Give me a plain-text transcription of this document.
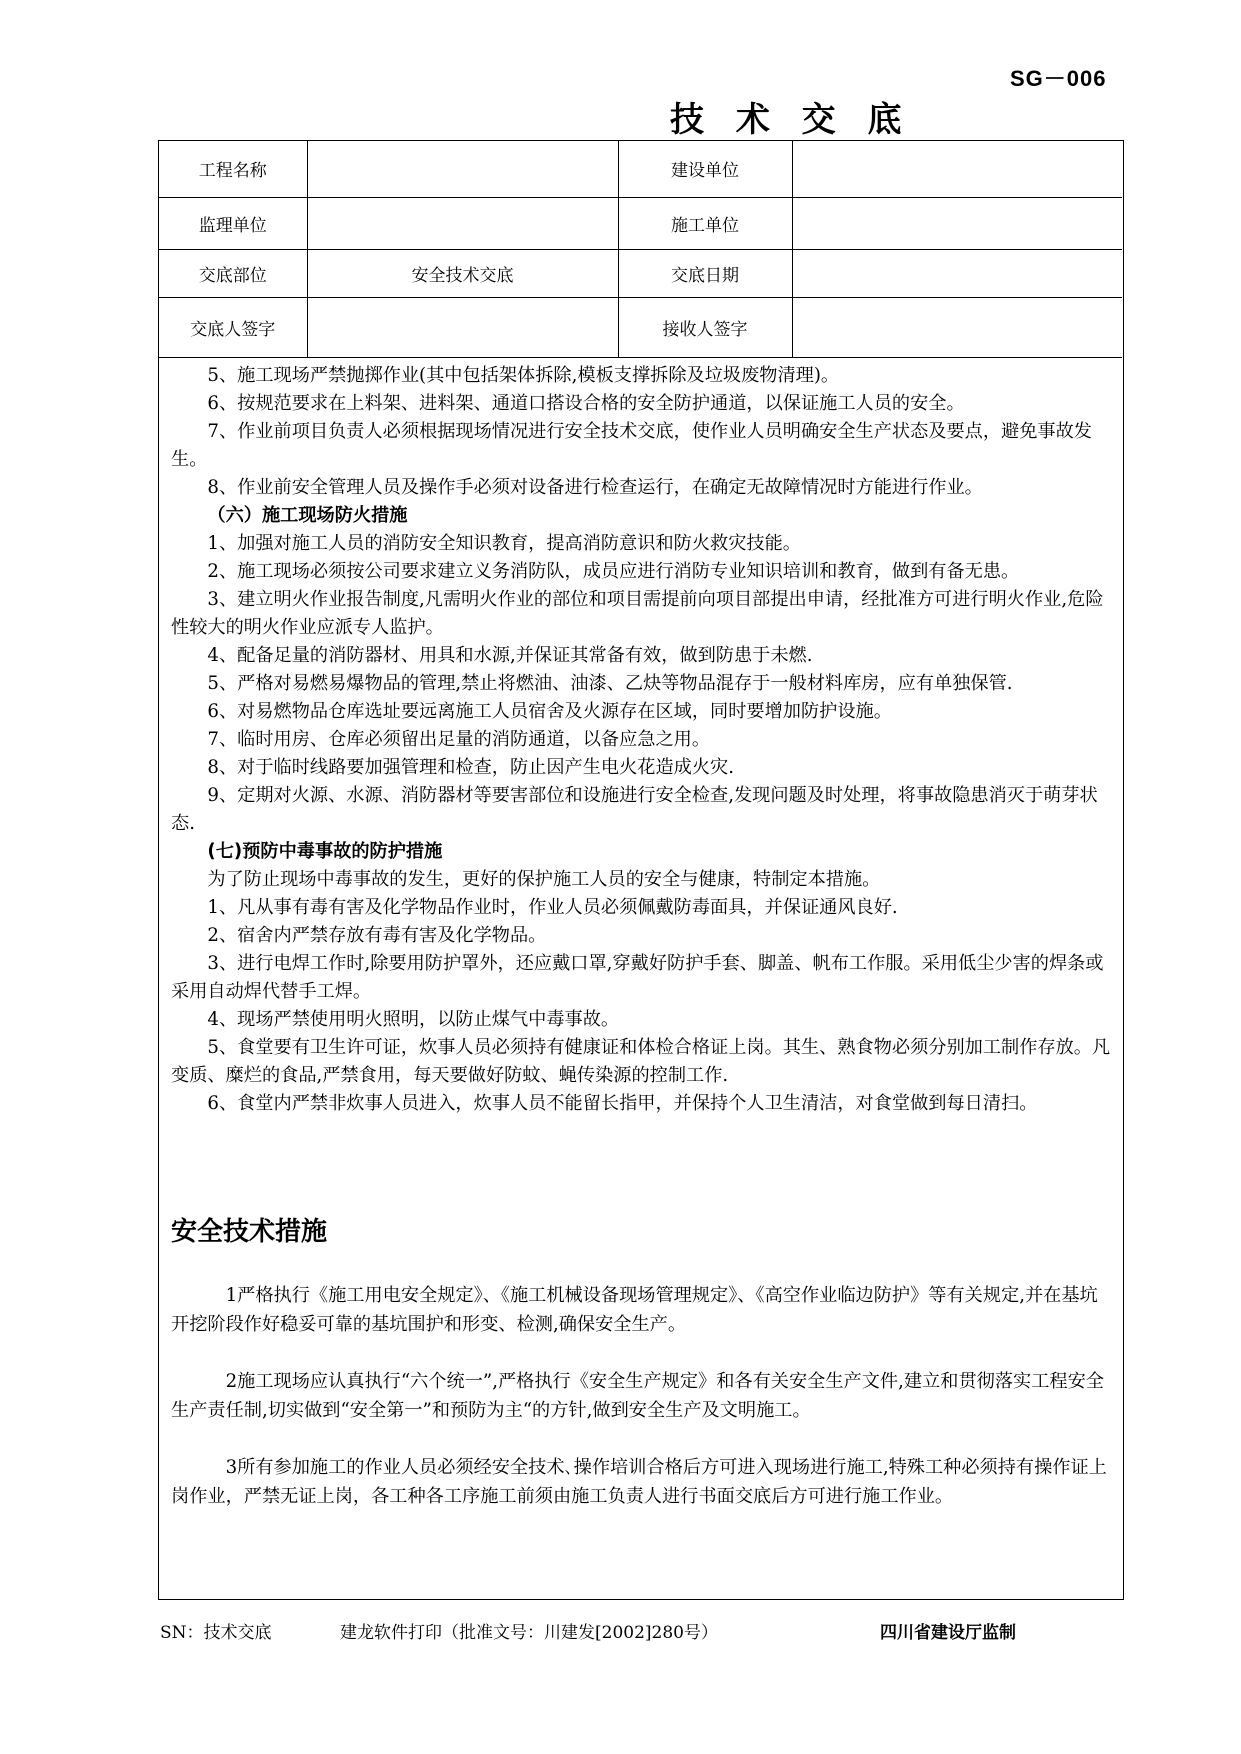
SG－006
技 术 交 底
工程名称		建设单位	
监理单位		施工单位	
交底部位	安全技术交底	交底日期	
交底人签字		接收人签字	

5、施工现场严禁抛掷作业(其中包括架体拆除,模板支撑拆除及垃圾废物清理)。

6、按规范要求在上料架、进料架、通道口搭设合格的安全防护通道，以保证施工人员的安全。

7、作业前项目负责人必须根据现场情况进行安全技术交底，使作业人员明确安全生产状态及要点，避免事故发生。

8、作业前安全管理人员及操作手必须对设备进行检查运行，在确定无故障情况时方能进行作业。

（六）施工现场防火措施

1、加强对施工人员的消防安全知识教育，提高消防意识和防火救灾技能。

2、施工现场必须按公司要求建立义务消防队，成员应进行消防专业知识培训和教育，做到有备无患。

3、建立明火作业报告制度,凡需明火作业的部位和项目需提前向项目部提出申请，经批准方可进行明火作业,危险性较大的明火作业应派专人监护。

4、配备足量的消防器材、用具和水源,并保证其常备有效，做到防患于未燃.

5、严格对易燃易爆物品的管理,禁止将燃油、油漆、乙炔等物品混存于一般材料库房，应有单独保管.

6、对易燃物品仓库选址要远离施工人员宿舍及火源存在区域，同时要增加防护设施。

7、临时用房、仓库必须留出足量的消防通道，以备应急之用。

8、对于临时线路要加强管理和检查，防止因产生电火花造成火灾.

9、定期对火源、水源、消防器材等要害部位和设施进行安全检查,发现问题及时处理，将事故隐患消灭于萌芽状态.

(七)预防中毒事故的防护措施

为了防止现场中毒事故的发生，更好的保护施工人员的安全与健康，特制定本措施。

1、凡从事有毒有害及化学物品作业时，作业人员必须佩戴防毒面具，并保证通风良好.

2、宿舍内严禁存放有毒有害及化学物品。

3、进行电焊工作时,除要用防护罩外，还应戴口罩,穿戴好防护手套、脚盖、帆布工作服。采用低尘少害的焊条或采用自动焊代替手工焊。

4、现场严禁使用明火照明，以防止煤气中毒事故。

5、食堂要有卫生许可证，炊事人员必须持有健康证和体检合格证上岗。其生、熟食物必须分别加工制作存放。凡变质、糜烂的食品,严禁食用，每天要做好防蚊、蝇传染源的控制工作.

6、食堂内严禁非炊事人员进入，炊事人员不能留长指甲，并保持个人卫生清洁，对食堂做到每日清扫。

安全技术措施

1严格执行《施工用电安全规定》、《施工机械设备现场管理规定》、《高空作业临边防护》等有关规定,并在基坑开挖阶段作好稳妥可靠的基坑围护和形变、检测,确保安全生产。

2施工现场应认真执行“六个统一”,严格执行《安全生产规定》和各有关安全生产文件,建立和贯彻落实工程安全生产责任制,切实做到“安全第一”和预防为主“的方针,做到安全生产及文明施工。

3所有参加施工的作业人员必须经安全技术､操作培训合格后方可进入现场进行施工,特殊工种必须持有操作证上岗作业，严禁无证上岗，各工种各工序施工前须由施工负责人进行书面交底后方可进行施工作业。

SN：技术交底	建龙软件打印（批准文号：川建发[2002]280号）	四川省建设厅监制
